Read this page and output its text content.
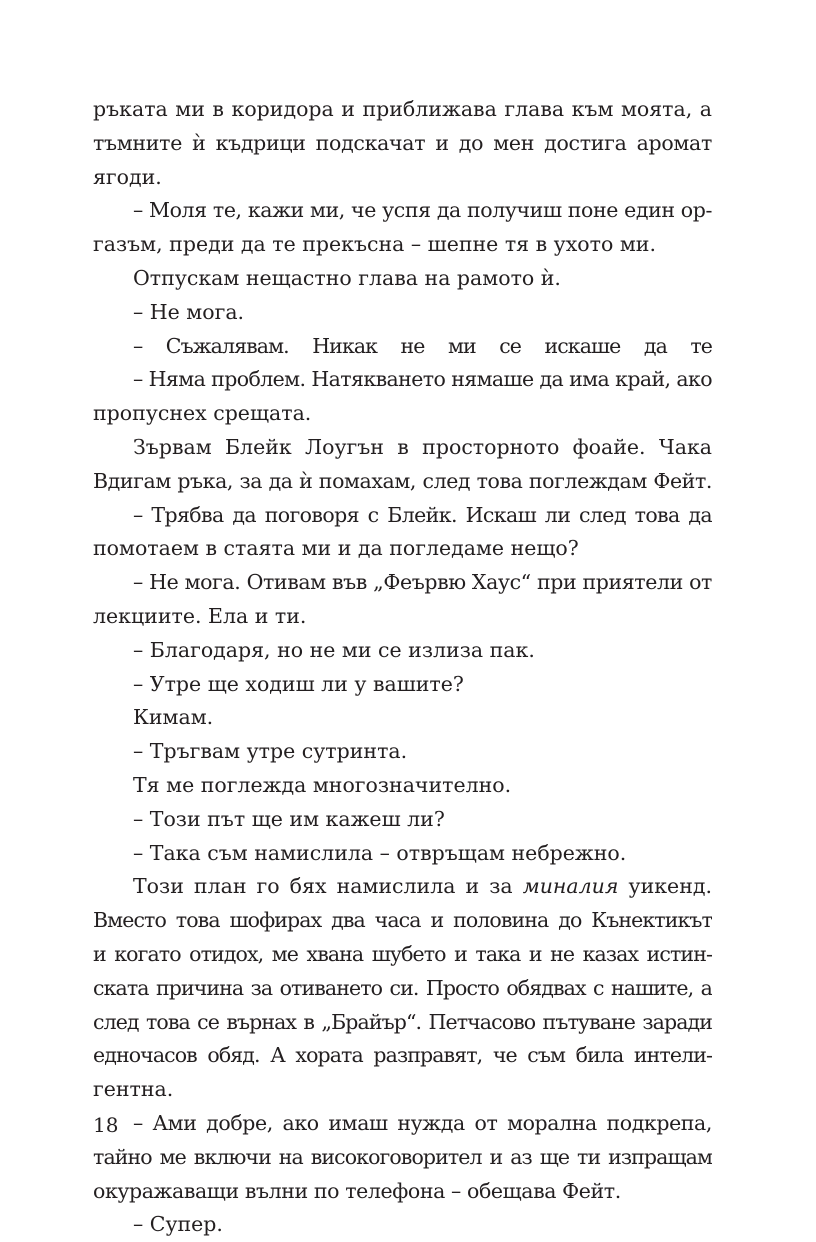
ръката ми в коридора и приближава глава към моята, а
тъмните ѝ къдрици подскачат и до мен достига аромат
ягоди.
– Моля те, кажи ми, че успя да получиш поне един ор-
газъм, преди да те прекъсна – шепне тя в ухото ми.
Отпускам нещастно глава на рамото ѝ.
– Не мога.
– Съжалявам. Никак не ми се искаше да те
– Няма проблем. Натякването нямаше да има край, ако
пропуснех срещата.
Зървам Блейк Лоугън в просторното фоайе. Чака
Вдигам ръка, за да ѝ помахам, след това поглеждам Фейт.
– Трябва да поговоря с Блейк. Искаш ли след това да
помотаем в стаята ми и да погледаме нещо?
– Не мога. Отивам във „Феървю Хаус“ при приятели от
лекциите. Ела и ти.
– Благодаря, но не ми се излиза пак.
– Утре ще ходиш ли у вашите?
Кимам.
– Тръгвам утре сутринта.
Тя ме поглежда многозначително.
– Този път ще им кажеш ли?
– Така съм намислила – отвръщам небрежно.
Този план го бях намислила и за миналия уикенд.
Вместо това шофирах два часа и половина до Кънектикът
и когато отидох, ме хвана шубето и така и не казах истин-
ската причина за отиването си. Просто обядвах с нашите, а
след това се върнах в „Брайър“. Петчасово пътуване заради
едночасов обяд. А хората разправят, че съм била интели-
гентна.
– Ами добре, ако имаш нужда от морална подкрепа,
тайно ме включи на високоговорител и аз ще ти изпращам
окуражаващи вълни по телефона – обещава Фейт.
– Супер.
18
